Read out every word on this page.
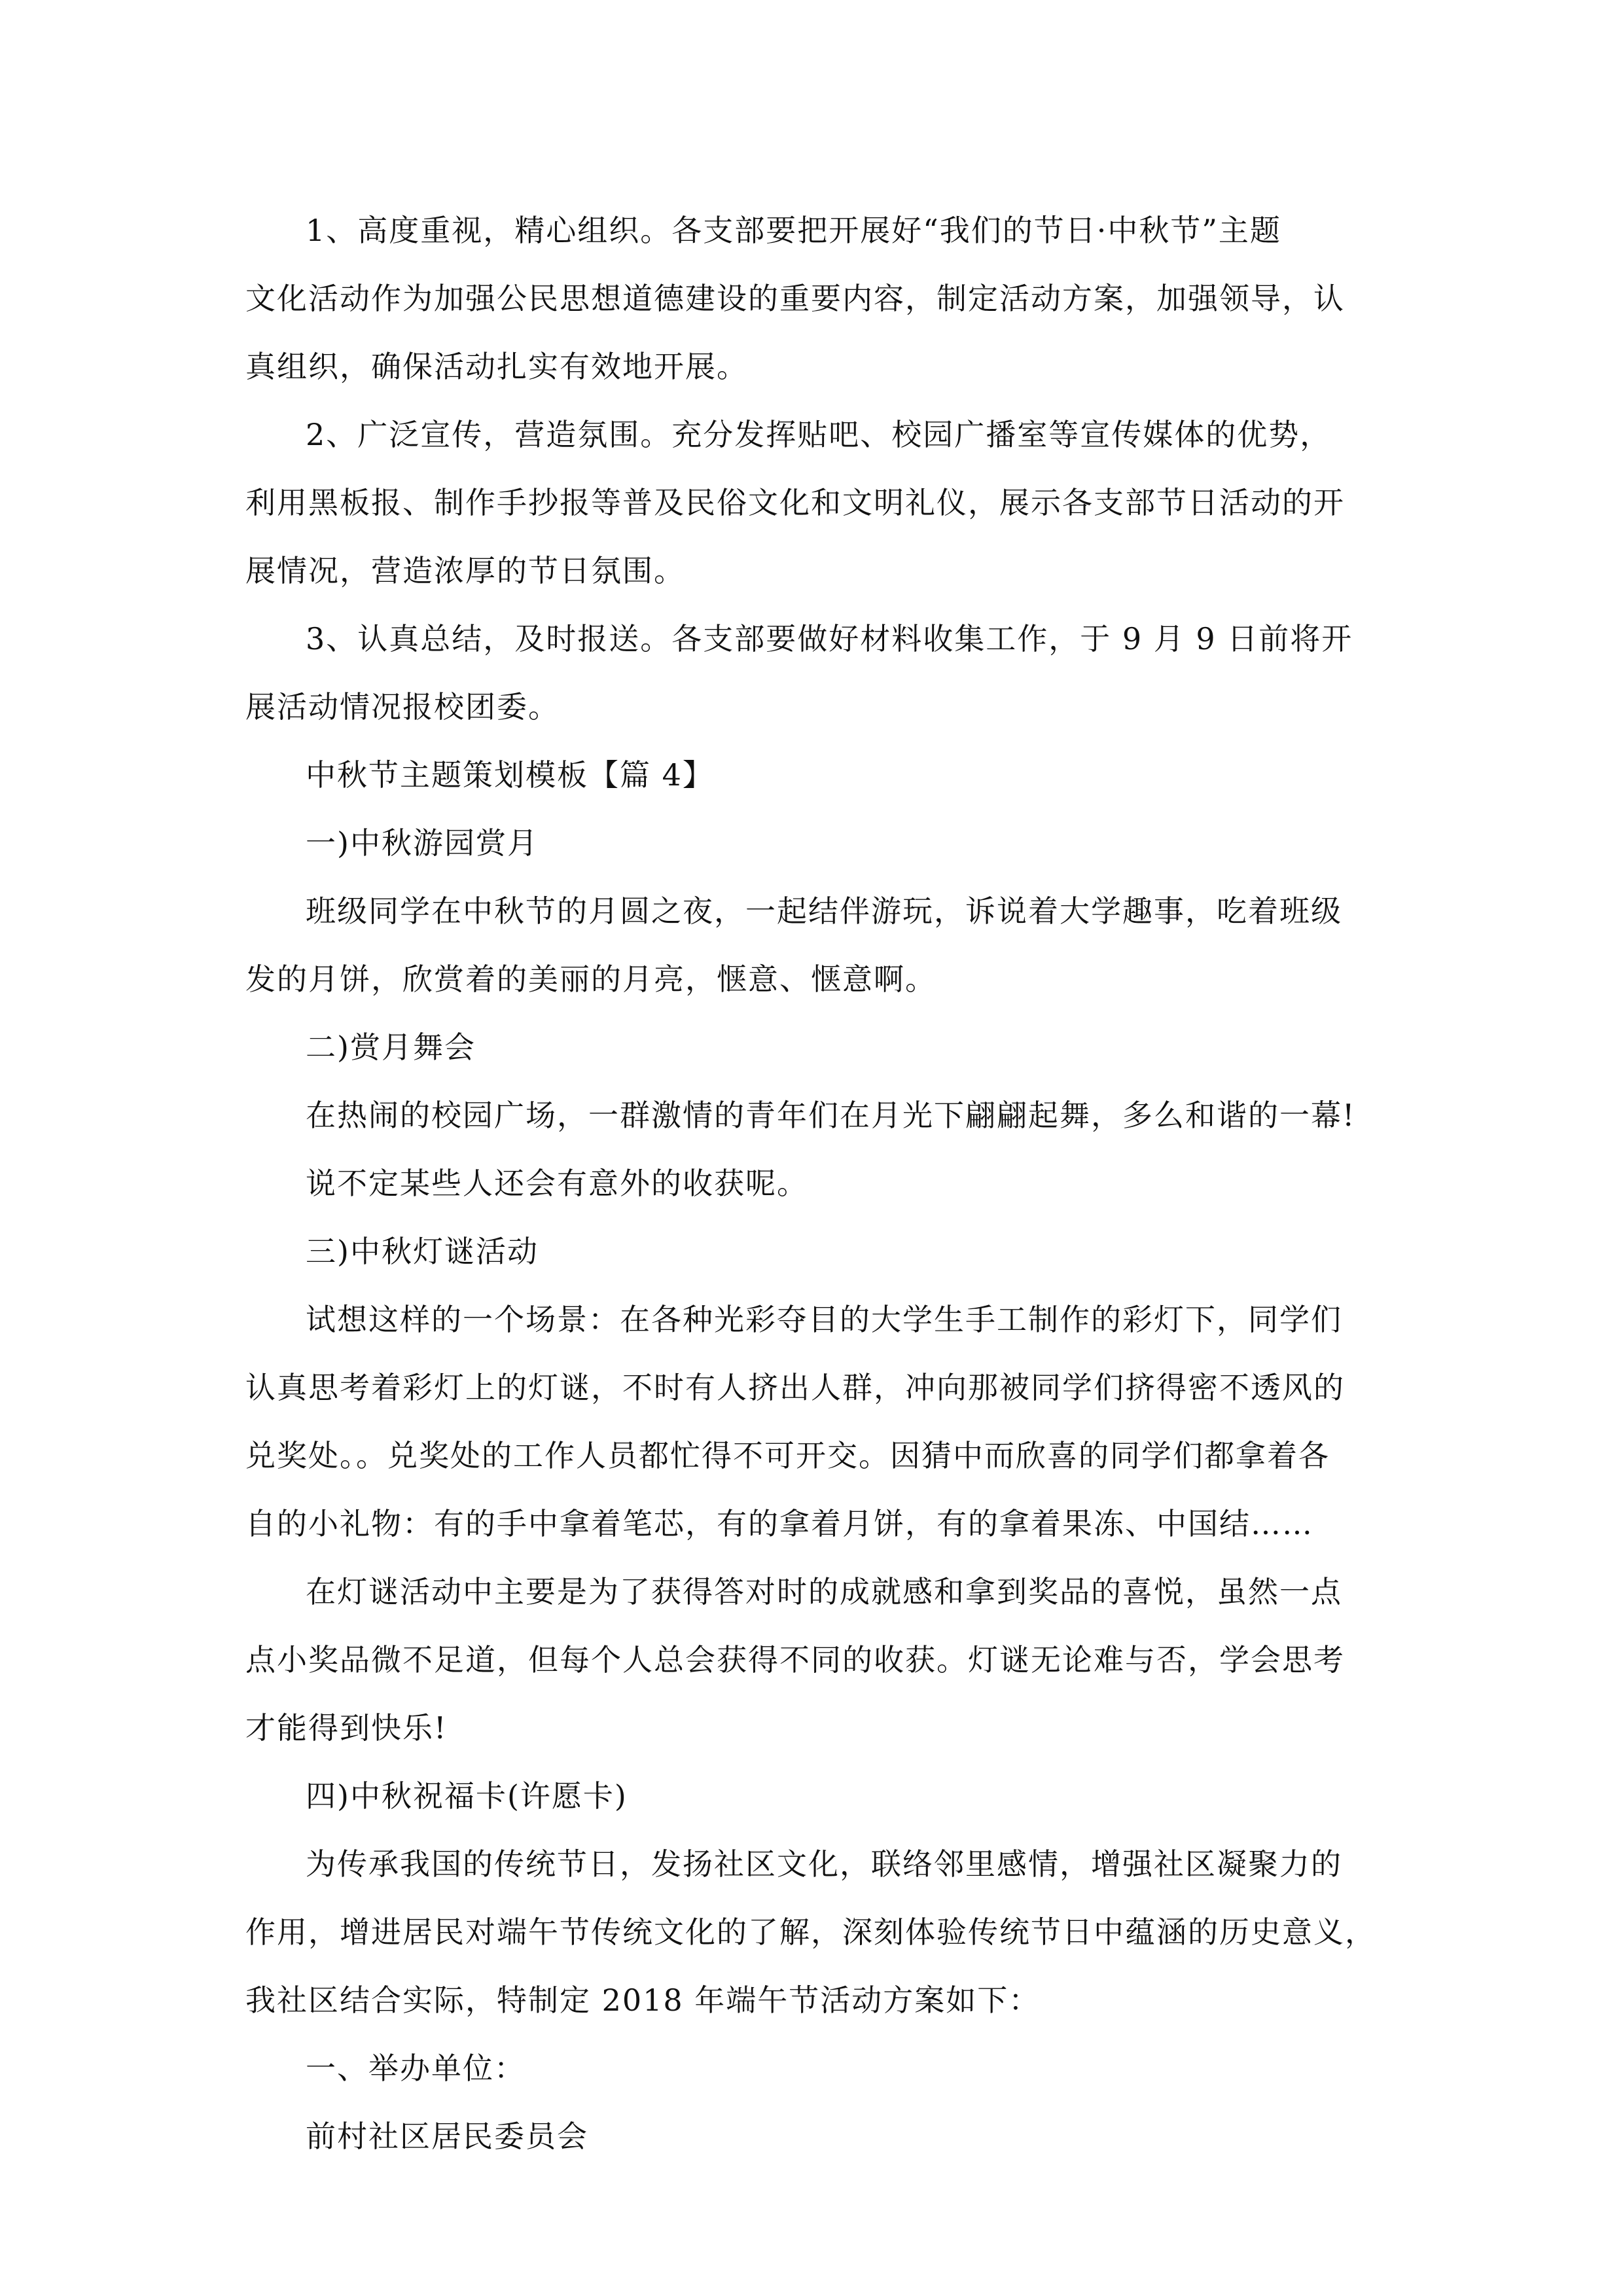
1、高度重视，精心组织。各支部要把开展好“我们的节日·中秋节”主题
文化活动作为加强公民思想道德建设的重要内容，制定活动方案，加强领导，认
真组织，确保活动扎实有效地开展。

2、广泛宣传，营造氛围。充分发挥贴吧、校园广播室等宣传媒体的优势，
利用黑板报、制作手抄报等普及民俗文化和文明礼仪，展示各支部节日活动的开
展情况，营造浓厚的节日氛围。

3、认真总结，及时报送。各支部要做好材料收集工作，于 9 月 9 日前将开
展活动情况报校团委。

中秋节主题策划模板【篇 4】

一)中秋游园赏月

班级同学在中秋节的月圆之夜，一起结伴游玩，诉说着大学趣事，吃着班级
发的月饼，欣赏着的美丽的月亮，惬意、惬意啊。

二)赏月舞会

在热闹的校园广场，一群激情的青年们在月光下翩翩起舞，多么和谐的一幕!
说不定某些人还会有意外的收获呢。

三)中秋灯谜活动

试想这样的一个场景：在各种光彩夺目的大学生手工制作的彩灯下，同学们
认真思考着彩灯上的灯谜，不时有人挤出人群，冲向那被同学们挤得密不透风的
兑奖处。。兑奖处的工作人员都忙得不可开交。因猜中而欣喜的同学们都拿着各
自的小礼物：有的手中拿着笔芯，有的拿着月饼，有的拿着果冻、中国结……

在灯谜活动中主要是为了获得答对时的成就感和拿到奖品的喜悦，虽然一点
点小奖品微不足道，但每个人总会获得不同的收获。灯谜无论难与否，学会思考
才能得到快乐!

四)中秋祝福卡(许愿卡)

为传承我国的传统节日，发扬社区文化，联络邻里感情，增强社区凝聚力的
作用，增进居民对端午节传统文化的了解，深刻体验传统节日中蕴涵的历史意义，
我社区结合实际，特制定 2018 年端午节活动方案如下：

一、举办单位：

前村社区居民委员会
